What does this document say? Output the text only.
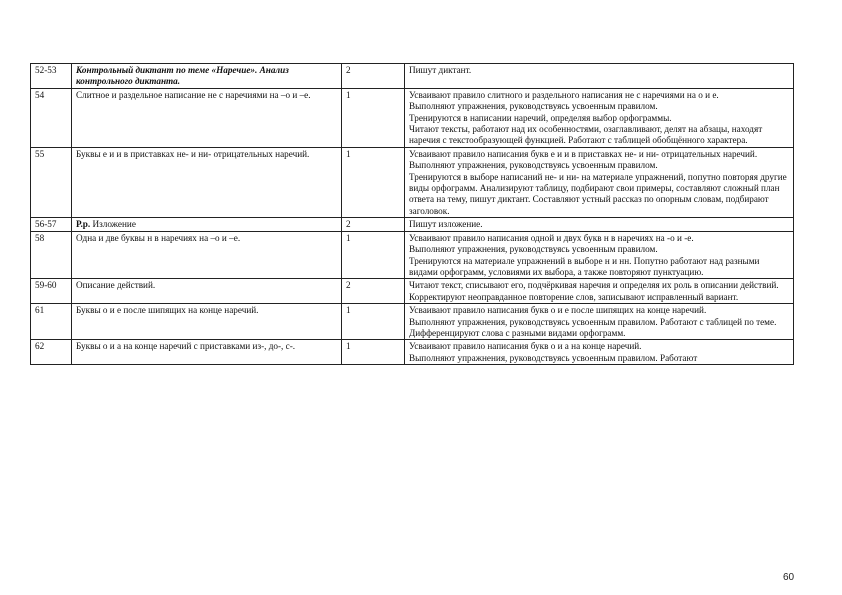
52-53	Контрольный диктант по теме «Наречие». Анализ контрольного диктанта.	2	Пишут диктант.

54	Слитное и раздельное написание не с наречиями на –о и –е.	1	Усваивают правило слитного и раздельного написания не с наречиями на о и е.
Выполняют упражнения, руководствуясь усвоенным правилом.
Тренируются в написании наречий, определяя выбор орфограммы.
Читают тексты, работают над их особенностями, озаглавливают, делят на абзацы, находят наречия с текстообразующей функцией. Работают с таблицей обобщённого характера.

55	Буквы е и и в приставках не- и ни- отрицательных наречий.	1	Усваивают правило написания букв е и и в приставках не- и ни- отрицательных наречий.
Выполняют упражнения, руководствуясь усвоенным правилом.
Тренируются в выборе написаний не- и ни- на материале упражнений, попутно повторяя другие виды орфограмм. Анализируют таблицу, подбирают свои примеры, составляют сложный план ответа на тему, пишут диктант. Составляют устный рассказ по опорным словам, подбирают заголовок.

56-57	Р.р. Изложение	2	Пишут изложение.

58	Одна и две буквы н в наречиях на –о и –е.	1	Усваивают правило написания одной и двух букв н в наречиях на -о и -е.
Выполняют упражнения, руководствуясь усвоенным правилом.
Тренируются на материале упражнений в выборе н и нн. Попутно работают над разными видами орфограмм, условиями их выбора, а также повторяют пунктуацию.

59-60	Описание действий.	2	Читают текст, списывают его, подчёркивая наречия и определяя их роль в описании действий. Корректируют неоправданное повторение слов, записывают исправленный вариант.

61	Буквы о и е после шипящих на конце наречий.	1	Усваивают правило написания букв о и е после шипящих на конце наречий.
Выполняют упражнения, руководствуясь усвоенным правилом. Работают с таблицей по теме. Дифференцируют слова с разными видами орфограмм.

62	Буквы о и а на конце наречий с приставками из-, до-, с-.	1	Усваивают правило написания букв о и а на конце наречий.
Выполняют упражнения, руководствуясь усвоенным правилом. Работают
60
